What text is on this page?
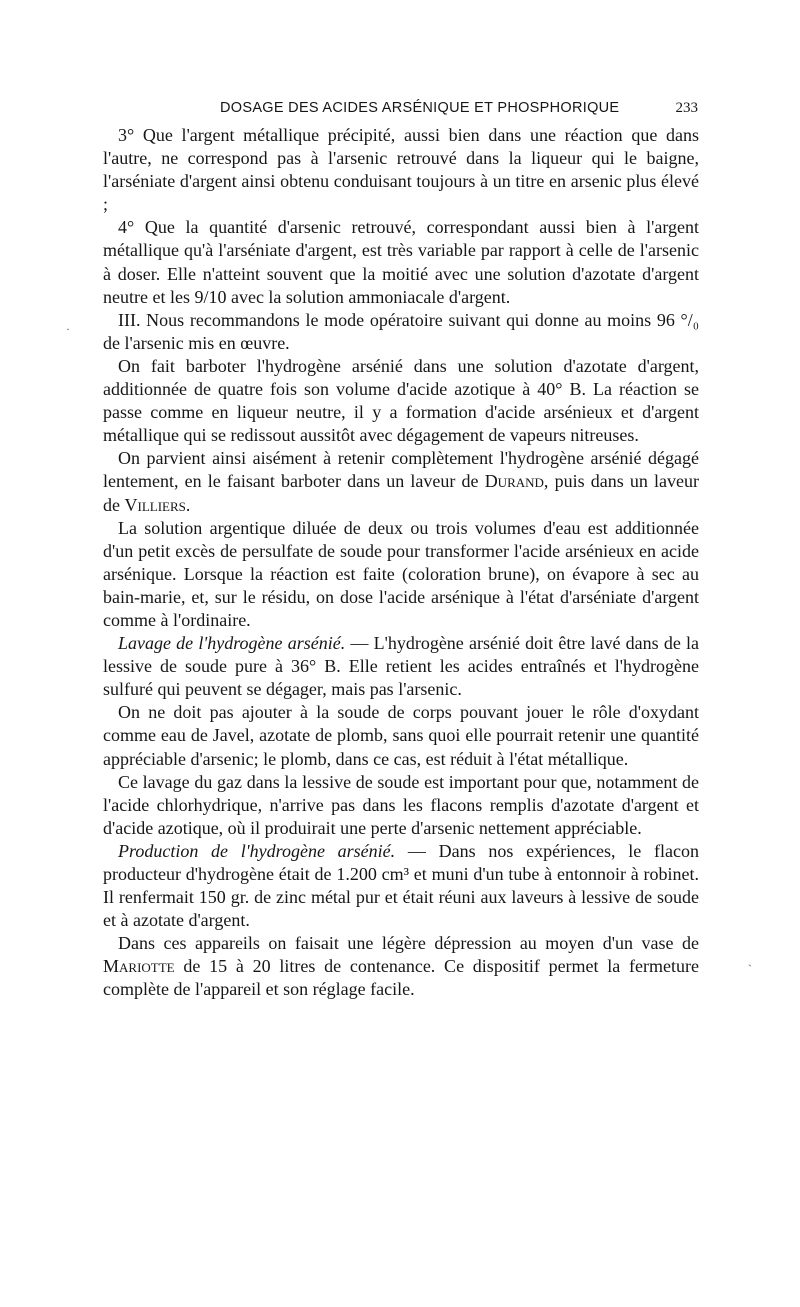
DOSAGE DES ACIDES ARSÉNIQUE ET PHOSPHORIQUE	233

3° Que l'argent métallique précipité, aussi bien dans une réaction que dans l'autre, ne correspond pas à l'arsenic retrouvé dans la liqueur qui le baigne, l'arséniate d'argent ainsi obtenu conduisant toujours à un titre en arsenic plus élevé ;

4° Que la quantité d'arsenic retrouvé, correspondant aussi bien à l'argent métallique qu'à l'arséniate d'argent, est très variable par rapport à celle de l'arsenic à doser. Elle n'atteint souvent que la moitié avec une solution d'azotate d'argent neutre et les 9/10 avec la solution ammoniacale d'argent.

III. Nous recommandons le mode opératoire suivant qui donne au moins 96 °/₀ de l'arsenic mis en œuvre.

On fait barboter l'hydrogène arsénié dans une solution d'azotate d'argent, additionnée de quatre fois son volume d'acide azotique à 40° B. La réaction se passe comme en liqueur neutre, il y a formation d'acide arsénieux et d'argent métallique qui se redissout aussitôt avec dégagement de vapeurs nitreuses.

On parvient ainsi aisément à retenir complètement l'hydrogène arsénié dégagé lentement, en le faisant barboter dans un laveur de Durand, puis dans un laveur de Villiers.

La solution argentique diluée de deux ou trois volumes d'eau est additionnée d'un petit excès de persulfate de soude pour transformer l'acide arsénieux en acide arsénique. Lorsque la réaction est faite (coloration brune), on évapore à sec au bain-marie, et, sur le résidu, on dose l'acide arsénique à l'état d'arséniate d'argent comme à l'ordinaire.

Lavage de l'hydrogène arsénié. — L'hydrogène arsénié doit être lavé dans de la lessive de soude pure à 36° B. Elle retient les acides entraînés et l'hydrogène sulfuré qui peuvent se dégager, mais pas l'arsenic.

On ne doit pas ajouter à la soude de corps pouvant jouer le rôle d'oxydant comme eau de Javel, azotate de plomb, sans quoi elle pourrait retenir une quantité appréciable d'arsenic; le plomb, dans ce cas, est réduit à l'état métallique.

Ce lavage du gaz dans la lessive de soude est important pour que, notamment de l'acide chlorhydrique, n'arrive pas dans les flacons remplis d'azotate d'argent et d'acide azotique, où il produirait une perte d'arsenic nettement appréciable.

Production de l'hydrogène arsénié. — Dans nos expériences, le flacon producteur d'hydrogène était de 1.200 cm³ et muni d'un tube à entonnoir à robinet. Il renfermait 150 gr. de zinc métal pur et était réuni aux laveurs à lessive de soude et à azotate d'argent.

Dans ces appareils on faisait une légère dépression au moyen d'un vase de Mariotte de 15 à 20 litres de contenance. Ce dispositif permet la fermeture complète de l'appareil et son réglage facile.

·
ˋ
